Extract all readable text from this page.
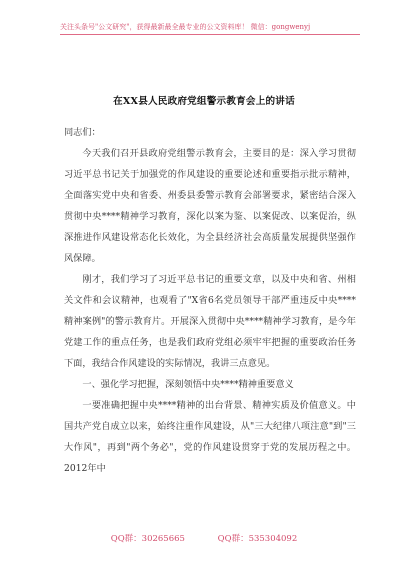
关注头条号"公文研究"，获得最新最全最专业的公文资料库！ 微信：gongwenyj
在XX县人民政府党组警示教育会上的讲话

同志们：

今天我们召开县政府党组警示教育会，主要目的是：深入学习贯彻习近平总书记关于加强党的作风建设的重要论述和重要指示批示精神，全面落实党中央和省委、州委县委警示教育会部署要求，紧密结合深入贯彻中央****精神学习教育，深化以案为鉴、以案促改、以案促治，纵深推进作风建设常态化长效化，为全县经济社会高质量发展提供坚强作风保障。

刚才，我们学习了习近平总书记的重要文章，以及中央和省、州相关文件和会议精神，也观看了"X省6名党员领导干部严重违反中央****精神案例"的警示教育片。开展深入贯彻中央****精神学习教育，是今年党建工作的重点任务，也是我们政府党组必须牢牢把握的重要政治任务下面，我结合作风建设的实际情况，我讲三点意见。

一、强化学习把握，深刻领悟中央****精神重要意义

一要准确把握中央****精神的出台背景、精神实质及价值意义。中国共产党自成立以来，始终注重作风建设，从"三大纪律八项注意"到"三大作风"，再到"两个务必"，党的作风建设贯穿于党的发展历程之中。2012年中

QQ群：30265665	QQ群：535304092
